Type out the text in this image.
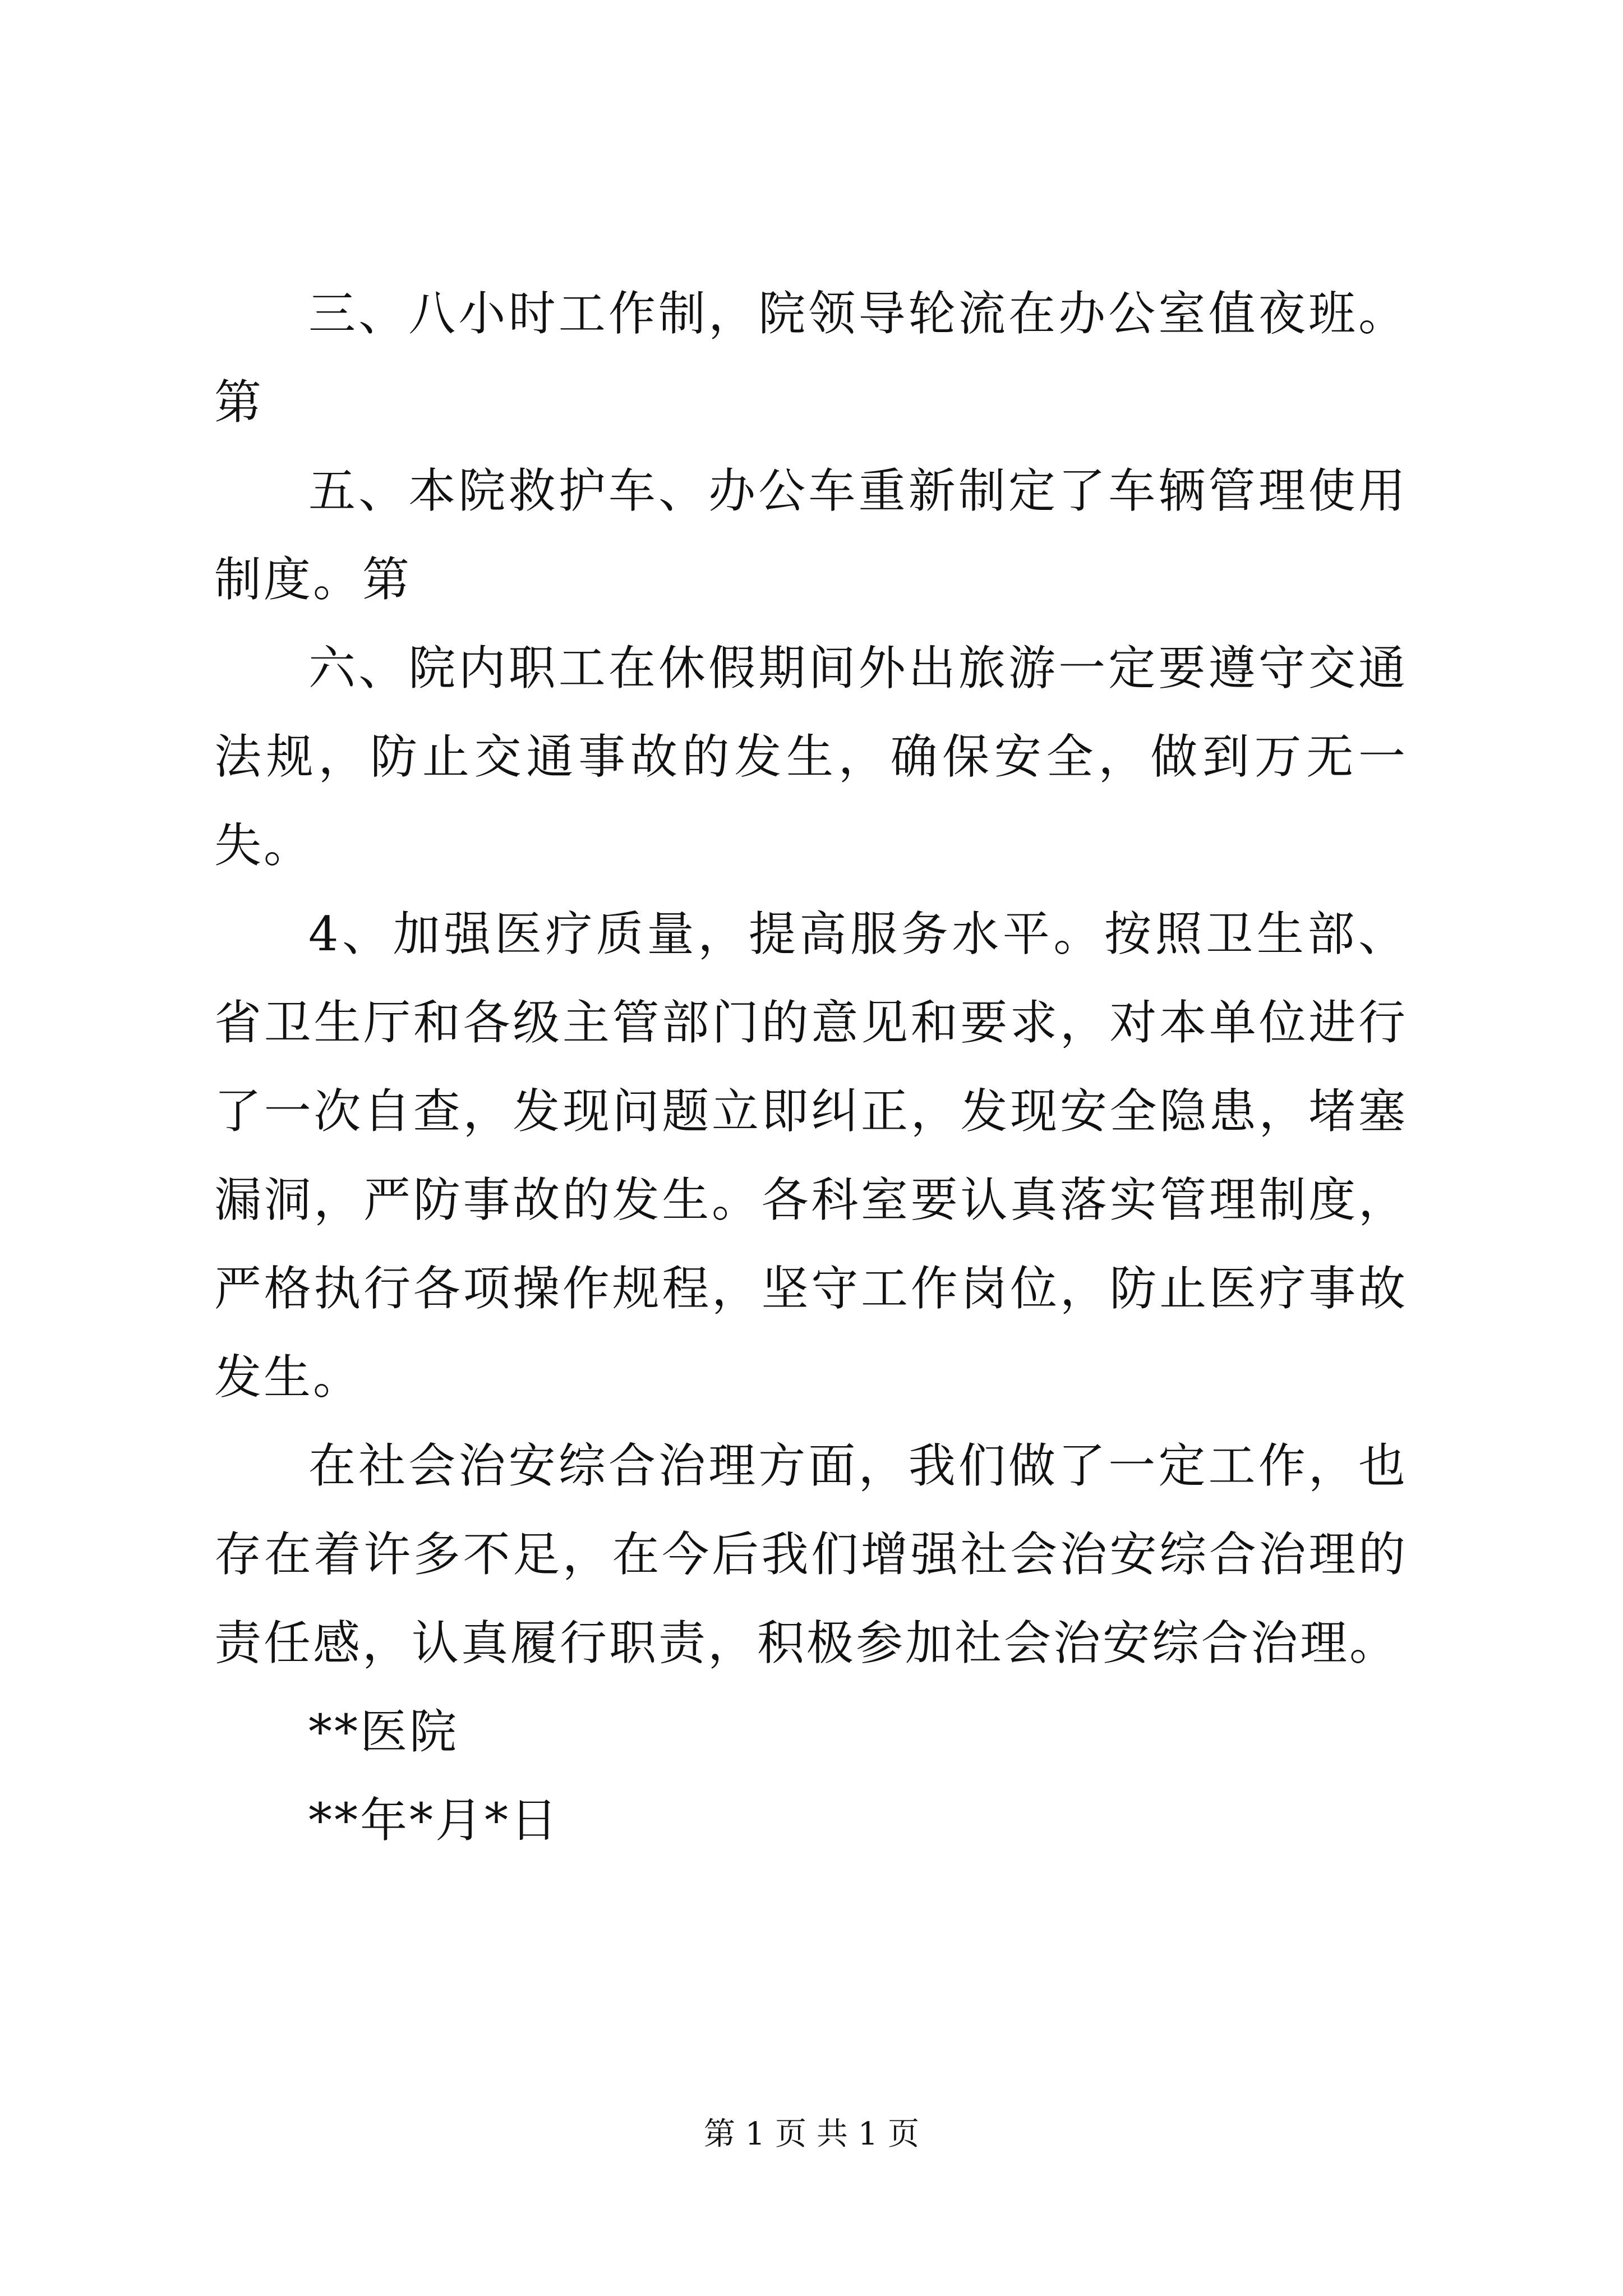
三、八小时工作制，院领导轮流在办公室值夜班。第

五、本院救护车、办公车重新制定了车辆管理使用制度。第

六、院内职工在休假期间外出旅游一定要遵守交通法规，防止交通事故的发生，确保安全，做到万无一失。

4、加强医疗质量，提高服务水平。按照卫生部、省卫生厅和各级主管部门的意见和要求，对本单位进行了一次自查，发现问题立即纠正，发现安全隐患，堵塞漏洞，严防事故的发生。各科室要认真落实管理制度，严格执行各项操作规程，坚守工作岗位，防止医疗事故发生。

在社会治安综合治理方面，我们做了一定工作，也存在着许多不足，在今后我们增强社会治安综合治理的责任感，认真履行职责，积极参加社会治安综合治理。

**医院

**年*月*日

第 1 页 共 1 页
